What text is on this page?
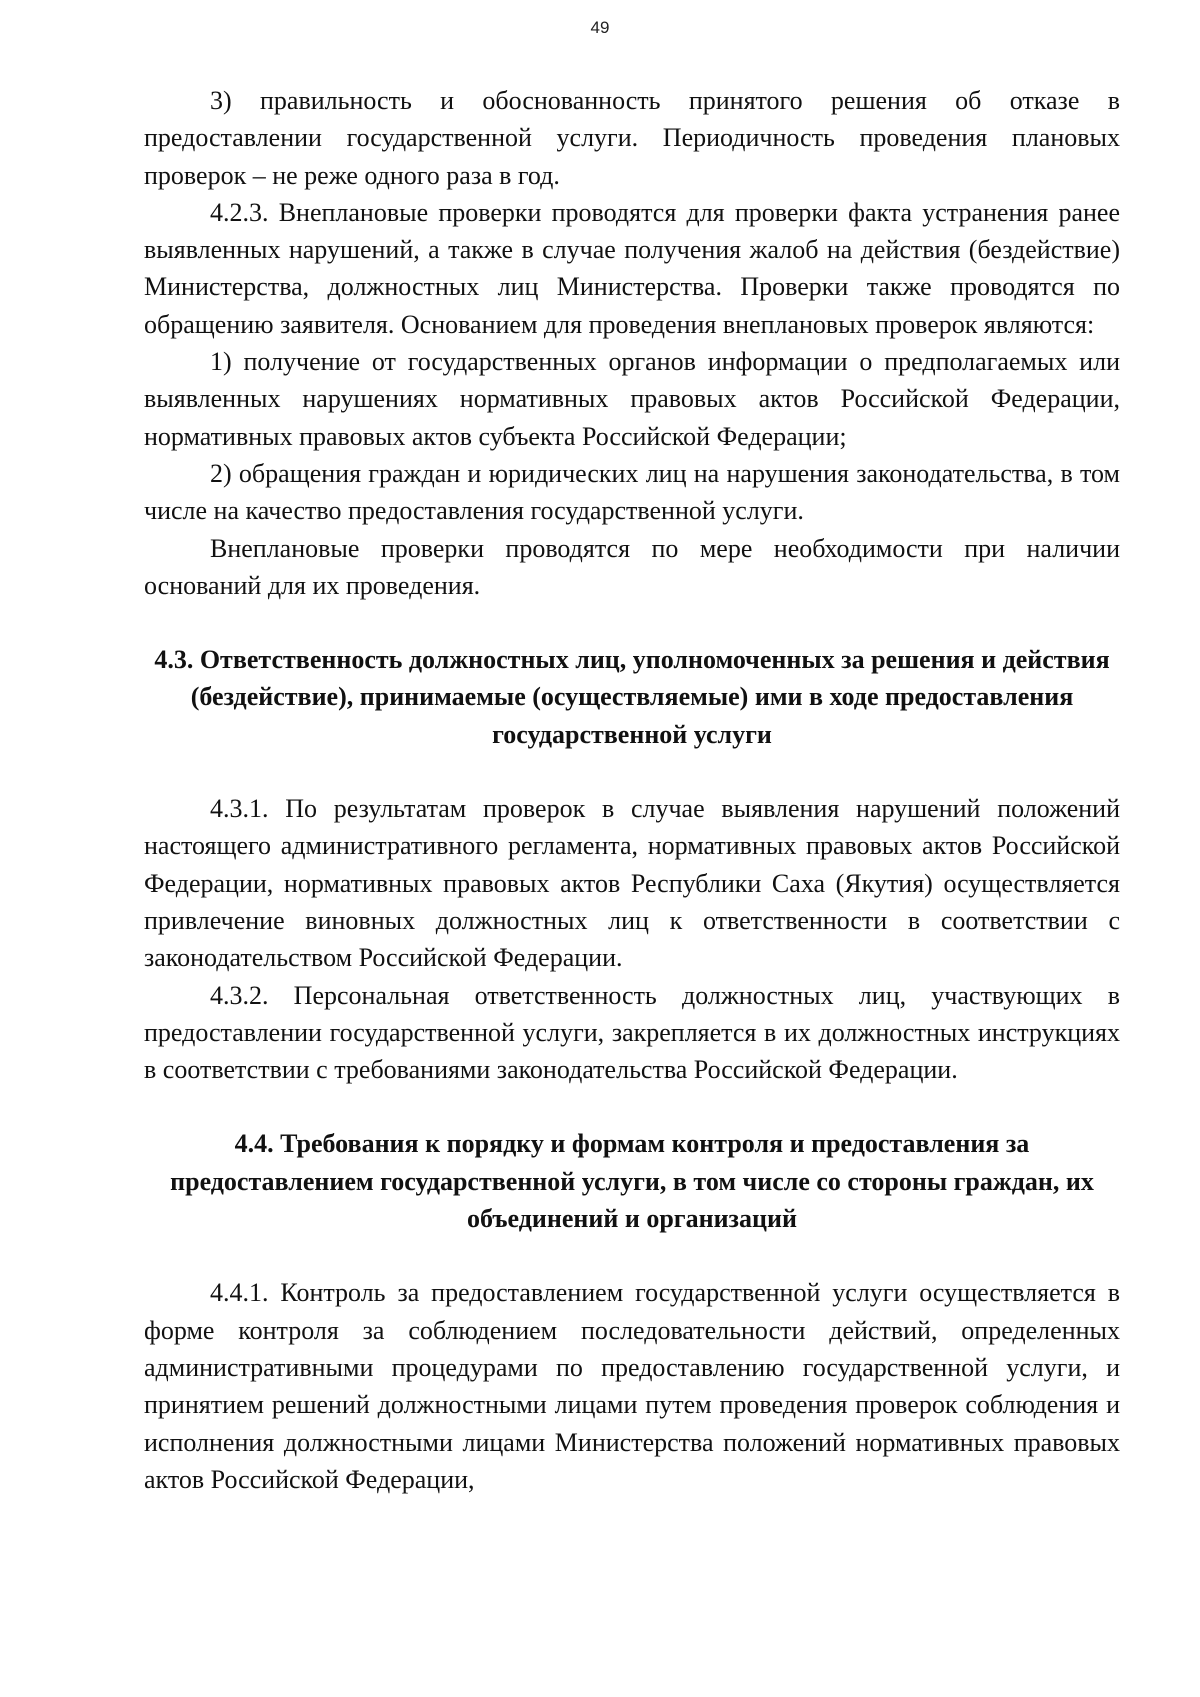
49

3) правильность и обоснованность принятого решения об отказе в предоставлении государственной услуги. Периодичность проведения плановых проверок – не реже одного раза в год.

4.2.3. Внеплановые проверки проводятся для проверки факта устранения ранее выявленных нарушений, а также в случае получения жалоб на действия (бездействие) Министерства, должностных лиц Министерства. Проверки также проводятся по обращению заявителя. Основанием для проведения внеплановых проверок являются:

1) получение от государственных органов информации о предполагаемых или выявленных нарушениях нормативных правовых актов Российской Федерации, нормативных правовых актов субъекта Российской Федерации;

2) обращения граждан и юридических лиц на нарушения законодательства, в том числе на качество предоставления государственной услуги.

Внеплановые проверки проводятся по мере необходимости при наличии оснований для их проведения.

4.3. Ответственность должностных лиц, уполномоченных за решения и действия (бездействие), принимаемые (осуществляемые) ими в ходе предоставления государственной услуги

4.3.1. По результатам проверок в случае выявления нарушений положений настоящего административного регламента, нормативных правовых актов Российской Федерации, нормативных правовых актов Республики Саха (Якутия) осуществляется привлечение виновных должностных лиц к ответственности в соответствии с законодательством Российской Федерации.

4.3.2. Персональная ответственность должностных лиц, участвующих в предоставлении государственной услуги, закрепляется в их должностных инструкциях в соответствии с требованиями законодательства Российской Федерации.

4.4. Требования к порядку и формам контроля и предоставления за предоставлением государственной услуги, в том числе со стороны граждан, их объединений и организаций

4.4.1. Контроль за предоставлением государственной услуги осуществляется в форме контроля за соблюдением последовательности действий, определенных административными процедурами по предоставлению государственной услуги, и принятием решений должностными лицами путем проведения проверок соблюдения и исполнения должностными лицами Министерства положений нормативных правовых актов Российской Федерации,
